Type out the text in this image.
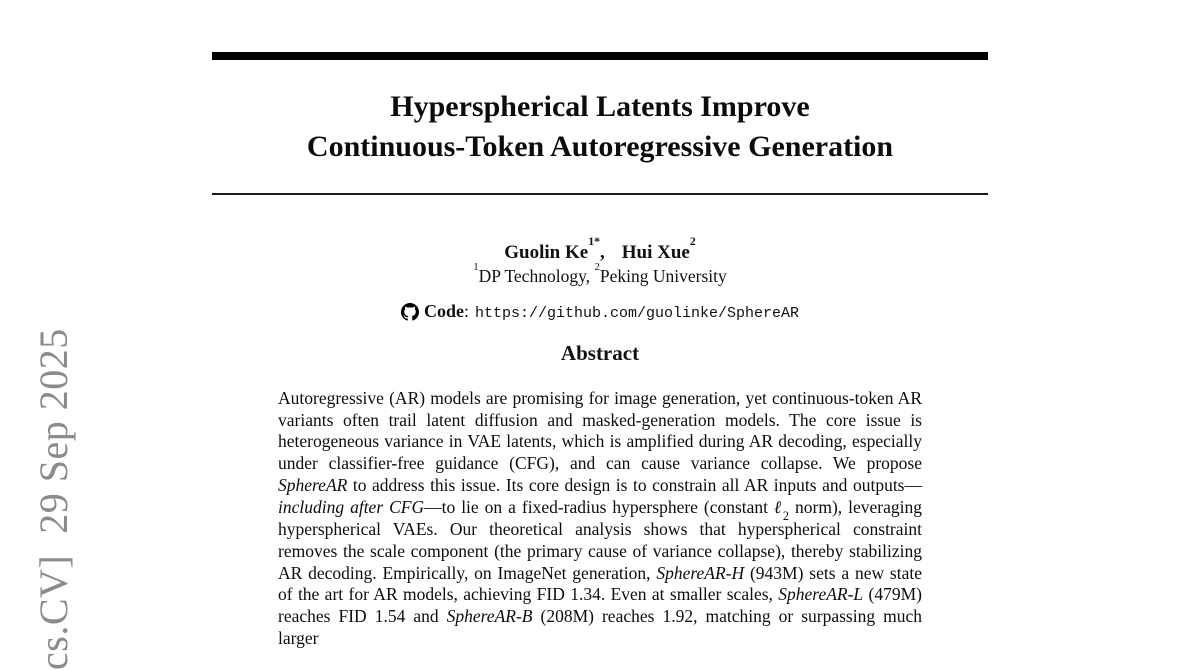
cs.CV]  29 Sep 2025
Hyperspherical Latents Improve
Continuous-Token Autoregressive Generation
Guolin $Ke^{1*}$, Hui Xue$^2$
$^1$DP Technology, $^2$Peking University
Code: https://github.com/guolinke/SphereAR
Abstract

Autoregressive (AR) models are promising for image generation, yet continuous-token AR variants often trail latent diffusion and masked-generation models. The core issue is heterogeneous variance in VAE latents, which is amplified during AR decoding, especially under classifier-free guidance (CFG), and can cause variance collapse. We propose SphereAR to address this issue. Its core design is to constrain all AR inputs and outputs—including after CFG—to lie on a fixed-radius hypersphere (constant ℓ$_2$ norm), leveraging hyperspherical VAEs. Our theoretical analysis shows that hyperspherical constraint removes the scale component (the primary cause of variance collapse), thereby stabilizing AR decoding. Empirically, on ImageNet generation, SphereAR-H (943M) sets a new state of the art for AR models, achieving FID 1.34. Even at smaller scales, SphereAR-L (479M) reaches FID 1.54 and SphereAR-B (208M) reaches 1.92, matching or surpassing much larger
